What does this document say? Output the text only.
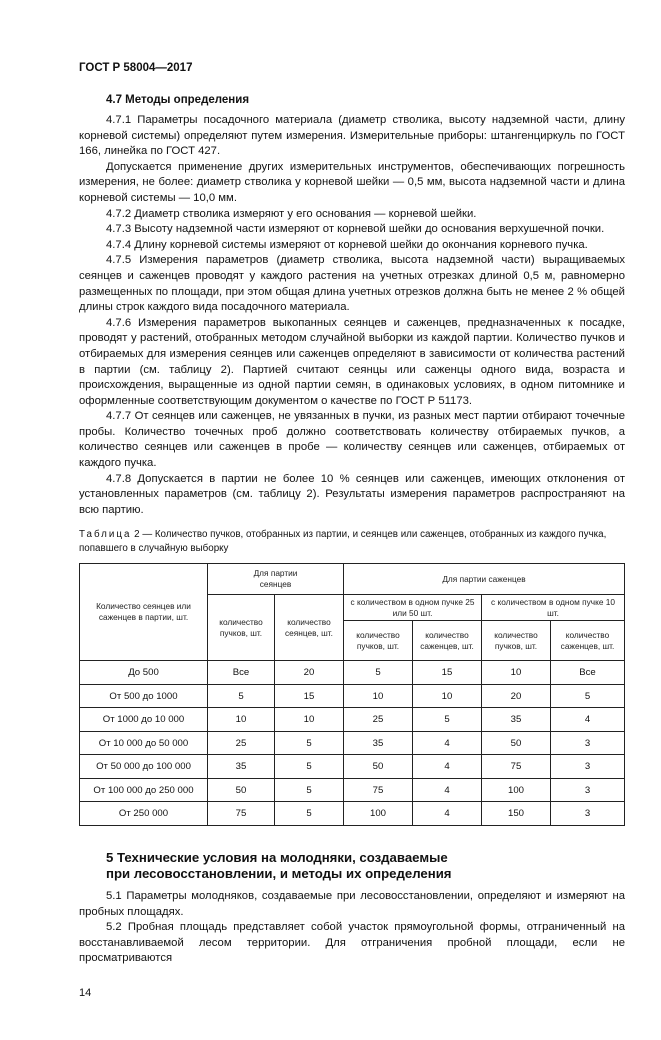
ГОСТ Р 58004—2017
4.7 Методы определения

4.7.1 Параметры посадочного материала (диаметр стволика, высоту надземной части, длину корневой системы) определяют путем измерения. Измерительные приборы: штангенциркуль по ГОСТ 166, линейка по ГОСТ 427.

Допускается применение других измерительных инструментов, обеспечивающих погрешность измерения, не более: диаметр стволика у корневой шейки — 0,5 мм, высота надземной части и длина корневой системы — 10,0 мм.

4.7.2 Диаметр стволика измеряют у его основания — корневой шейки.

4.7.3 Высоту надземной части измеряют от корневой шейки до основания верхушечной почки.

4.7.4 Длину корневой системы измеряют от корневой шейки до окончания корневого пучка.

4.7.5 Измерения параметров (диаметр стволика, высота надземной части) выращиваемых сеянцев и саженцев проводят у каждого растения на учетных отрезках длиной 0,5 м, равномерно размещенных по площади, при этом общая длина учетных отрезков должна быть не менее 2 % общей длины строк каждого вида посадочного материала.

4.7.6 Измерения параметров выкопанных сеянцев и саженцев, предназначенных к посадке, проводят у растений, отобранных методом случайной выборки из каждой партии. Количество пучков и отбираемых для измерения сеянцев или саженцев определяют в зависимости от количества растений в партии (см. таблицу 2). Партией считают сеянцы или саженцы одного вида, возраста и происхождения, выращенные из одной партии семян, в одинаковых условиях, в одном питомнике и оформленные соответствующим документом о качестве по ГОСТ Р 51173.

4.7.7 От сеянцев или саженцев, не увязанных в пучки, из разных мест партии отбирают точечные пробы. Количество точечных проб должно соответствовать количеству отбираемых пучков, а количество сеянцев или саженцев в пробе — количеству сеянцев или саженцев, отбираемых от каждого пучка.

4.7.8 Допускается в партии не более 10 % сеянцев или саженцев, имеющих отклонения от установленных параметров (см. таблицу 2). Результаты измерения параметров распространяют на всю партию.

Таблица 2 — Количество пучков, отобранных из партии, и сеянцев или саженцев, отобранных из каждого пучка, попавшего в случайную выборку
Количество сеянцев или саженцев в партии, шт.	Для партии сеянцев		Для партии саженцев			
	количество пучков, шт.	количество сеянцев, шт.	с количеством в одном пучке 25 или 50 шт.		с количеством в одном пучке 10 шт.	
			количество пучков, шт.	количество саженцев, шт.	количество пучков, шт.	количество саженцев, шт.
До 500	Все	20	5	15	10	Все
От 500 до 1000	5	15	10	10	20	5
От 1000 до 10 000	10	10	25	5	35	4
От 10 000 до 50 000	25	5	35	4	50	3
От 50 000 до 100 000	35	5	50	4	75	3
От 100 000 до 250 000	50	5	75	4	100	3
От 250 000	75	5	100	4	150	3
5 Технические условия на молодняки, создаваемые
при лесовосстановлении, и методы их определения

5.1 Параметры молодняков, создаваемые при лесовосстановлении, определяют и измеряют на пробных площадях.

5.2 Пробная площадь представляет собой участок прямоугольной формы, отграниченный на восстанавливаемой лесом территории. Для отграничения пробной площади, если не просматриваются

14
